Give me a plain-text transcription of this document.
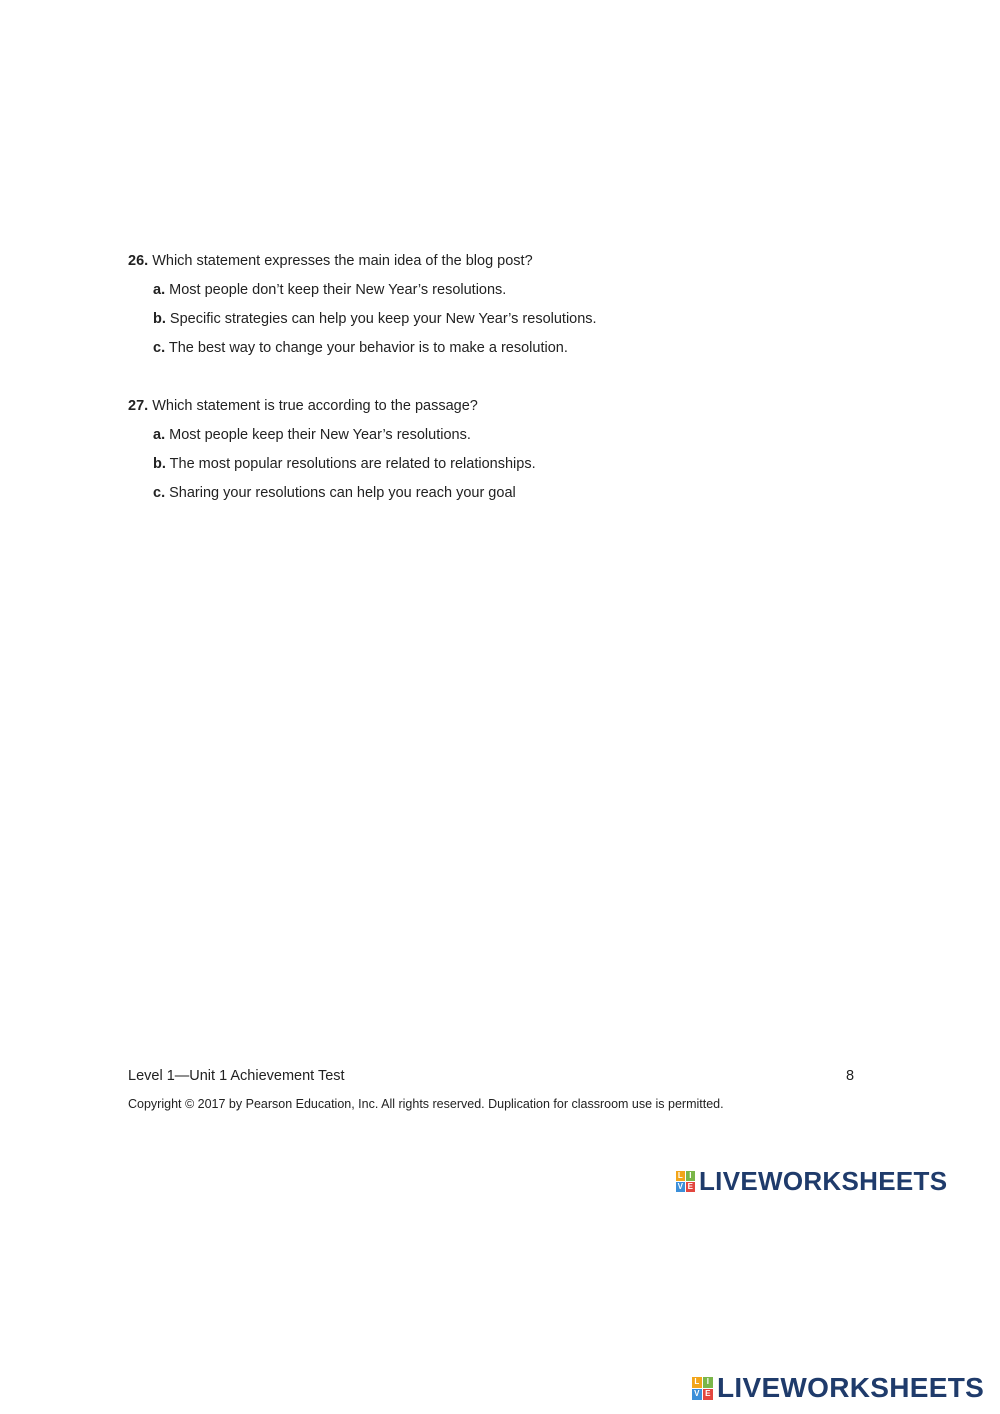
26. Which statement expresses the main idea of the blog post?

a. Most people don’t keep their New Year’s resolutions.
b. Specific strategies can help you keep your New Year’s resolutions.
c. The best way to change your behavior is to make a resolution.

27. Which statement is true according to the passage?

a. Most people keep their New Year’s resolutions.
b. The most popular resolutions are related to relationships.
c. Sharing your resolutions can help you reach your goal
Level 1—Unit 1 Achievement Test	8
Copyright © 2017 by Pearson Education, Inc. All rights reserved. Duplication for classroom use is permitted.
L I
V E LIVEWORKSHEETS
L I
V E LIVEWORKSHEETS
